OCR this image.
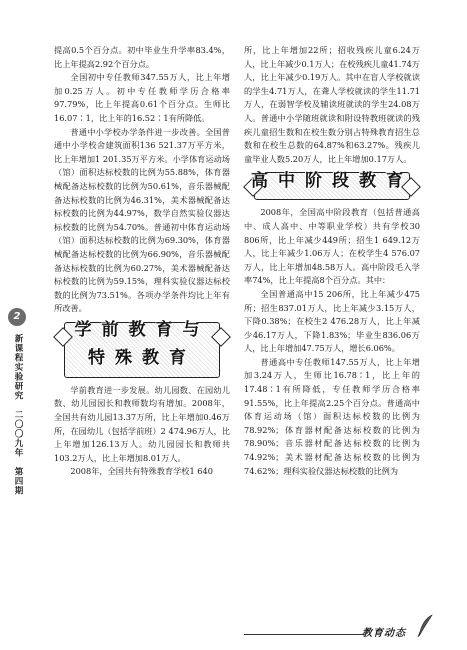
提高0.5个百分点。初中毕业生升学率83.4%，比上年提高2.92个百分点。

全国初中专任教师347.55万人，比上年增加0.25万人。初中专任教师学历合格率97.79%，比上年提高0.61个百分点。生师比16.07∶1，比上年的16.52∶1有所降低。

普通中小学校办学条件进一步改善。全国普通中小学校舍建筑面积136 521.37万平方米，比上年增加1 201.35万平方米。小学体育运动场（馆）面积达标校数的比例为55.88%，体育器械配备达标校数的比例为50.61%，音乐器械配备达标校数的比例为46.31%，美术器械配备达标校数的比例为44.97%，数学自然实验仪器达标校数的比例为54.70%。普通初中体育运动场（馆）面积达标校数的比例为69.30%，体育器械配备达标校数的比例为66.90%，音乐器械配备达标校数的比例为60.27%，美术器械配备达标校数的比例为59.15%，理科实验仪器达标校数的比例为73.51%。各项办学条件均比上年有所改善。

学前教育与
特殊教育

学前教育进一步发展。幼儿园数、在园幼儿数、幼儿园园长和教师数均有增加。2008年，全国共有幼儿园13.37万所，比上年增加0.46万所，在园幼儿（包括学前班）2 474.96万人，比上年增加126.13万人。幼儿园园长和教师共103.2万人，比上年增加8.01万人。

2008年，全国共有特殊教育学校1 640

所，比上年增加22所；招收残疾儿童6.24万人，比上年减少0.1万人；在校残疾儿童41.74万人，比上年减少0.19万人。其中在盲人学校就读的学生4.71万人，在聋人学校就读的学生11.71万人，在弱智学校及辅读班就读的学生24.08万人。普通中小学随班就读和附设特教班就读的残疾儿童招生数和在校生数分别占特殊教育招生总数和在校生总数的64.87%和63.27%。残疾儿童毕业人数5.20万人，比上年增加0.17万人。

高中阶段教育

2008年，全国高中阶段教育（包括普通高中、成人高中、中等职业学校）共有学校30 806所，比上年减少449所；招生1 649.12万人，比上年减少1.06万人；在校学生4 576.07万人，比上年增加48.58万人。高中阶段毛入学率74%，比上年提高8个百分点。其中：

全国普通高中15 206所，比上年减少475所；招生837.01万人，比上年减少3.15万人，下降0.38%；在校生2 476.28万人，比上年减少46.17万人，下降1.83%；毕业生836.06万人，比上年增加47.75万人，增长6.06%。

普通高中专任教师147.55万人，比上年增加3.24万人，生师比16.78∶1，比上年的17.48∶1有所降低，专任教师学历合格率91.55%，比上年提高2.25个百分点。普通高中体育运动场（馆）面积达标校数的比例为78.92%；体育器材配备达标校数的比例为78.90%；音乐器材配备达标校数的比例为74.92%；美术器材配备达标校数的比例为74.62%；理科实验仪器达标校数的比例为

2
新课程实验研究　二〇〇九年　第四期
教育动态
